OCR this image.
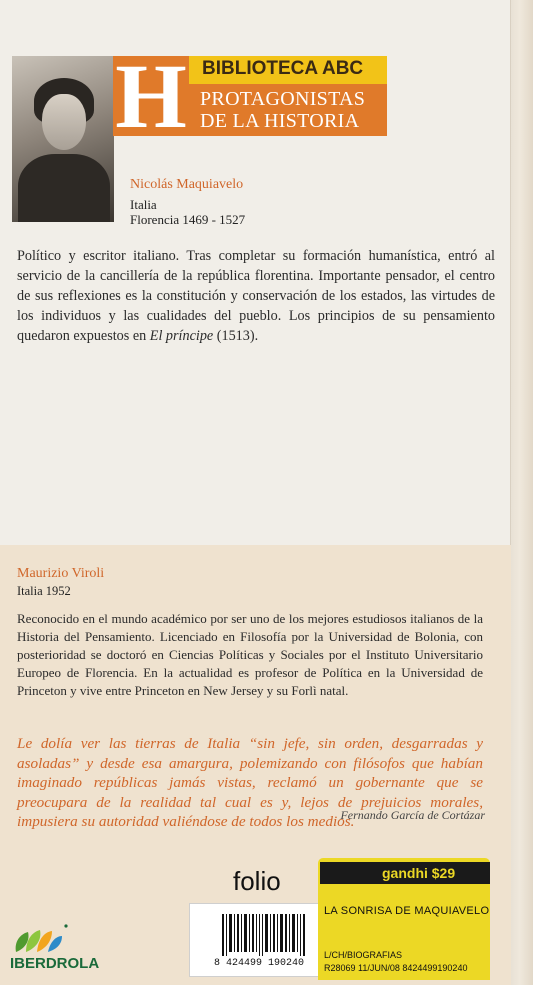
H BIBLIOTECA ABC
PROTAGONISTAS
DE LA HISTORIA
Nicolás Maquiavelo
Italia
Florencia 1469 - 1527

Político y escritor italiano. Tras completar su formación humanística, entró al servicio de la cancillería de la república florentina. Importante pensador, el centro de sus reflexiones es la constitución y conservación de los estados, las virtudes de los individuos y las cualidades del pueblo. Los principios de su pensamiento quedaron expuestos en El príncipe (1513).

Maurizio Viroli
Italia 1952

Reconocido en el mundo académico por ser uno de los mejores estudiosos italianos de la Historia del Pensamiento. Licenciado en Filosofía por la Universidad de Bolonia, con posterioridad se doctoró en Ciencias Políticas y Sociales por el Instituto Universitario Europeo de Florencia. En la actualidad es profesor de Política en la Universidad de Princeton y vive entre Princeton en New Jersey y su Forlì natal.

Le dolía ver las tierras de Italia “sin jefe, sin orden, desgarradas y asoladas” y desde esa amargura, polemizando con filósofos que habían imaginado repúblicas jamás vistas, reclamó un gobernante que se preocupara de la realidad tal cual es y, lejos de prejuicios morales, impusiera su autoridad valiéndose de todos los medios.

Fernando García de Cortázar
folio
IBERDROLA	8 424499 190240
gandhi $29
LA SONRISA DE MAQUIAVELO
L/CH/BIOGRAFIAS
R28069 11/JUN/08 8424499190240
